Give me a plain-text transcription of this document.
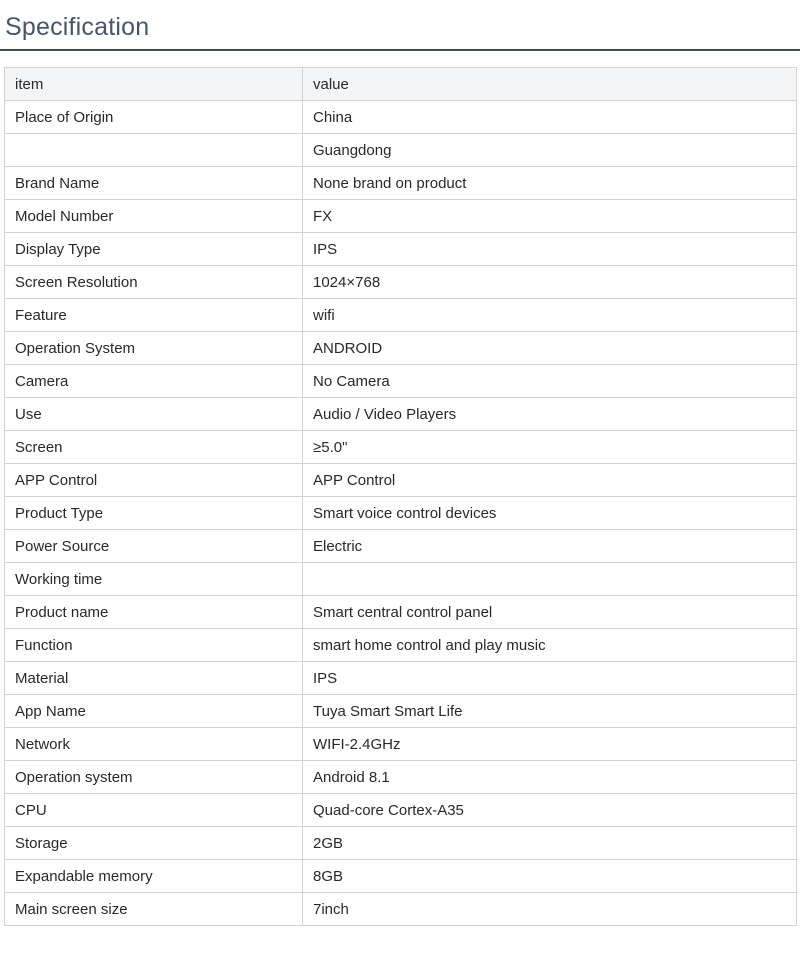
Specification
item	value
Place of Origin	China
	Guangdong
Brand Name	None brand on product
Model Number	FX
Display Type	IPS
Screen Resolution	1024×768
Feature	wifi
Operation System	ANDROID
Camera	No Camera
Use	Audio / Video Players
Screen	≥5.0"
APP Control	APP Control
Product Type	Smart voice control devices
Power Source	Electric
Working time	
Product name	Smart central control panel
Function	smart home control and play music
Material	IPS
App Name	Tuya Smart Smart Life
Network	WIFI-2.4GHz
Operation system	Android 8.1
CPU	Quad-core Cortex-A35
Storage	2GB
Expandable memory	8GB
Main screen size	7inch
